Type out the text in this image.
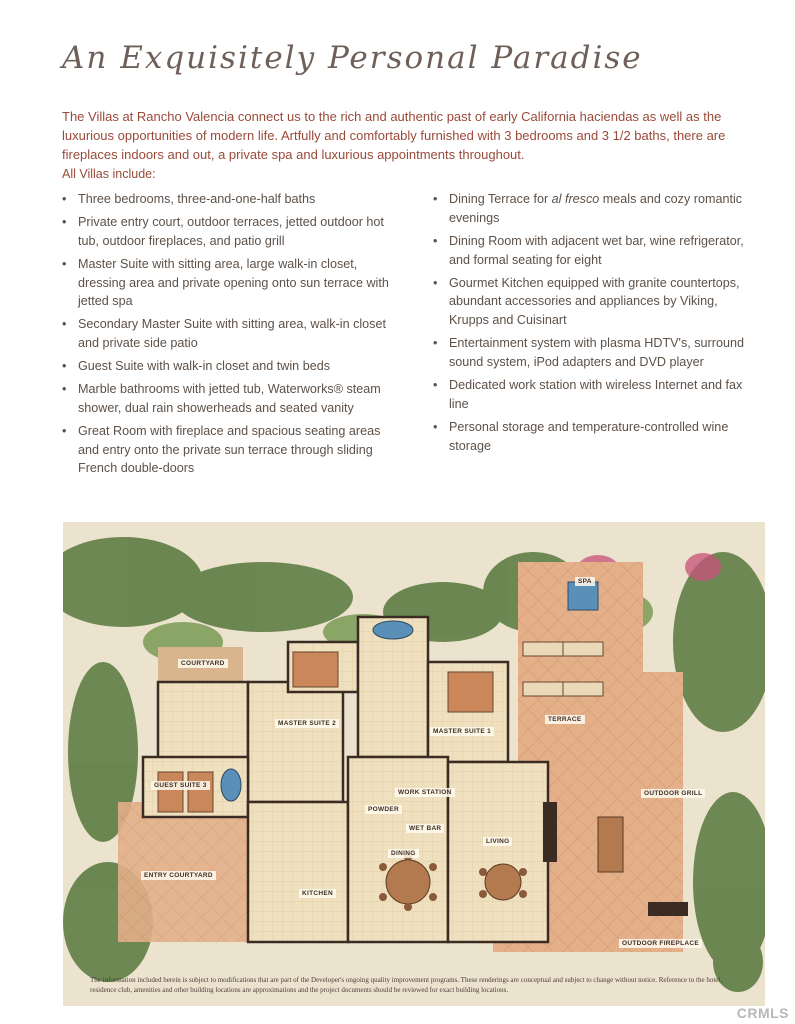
An Exquisitely Personal Paradise
The Villas at Rancho Valencia connect us to the rich and authentic past of early California haciendas as well as the luxurious opportunities of modern life. Artfully and comfortably furnished with 3 bedrooms and 3 1/2 baths, there are fireplaces indoors and out, a private spa and luxurious appointments throughout.
All Villas include:
• Three bedrooms, three-and-one-half baths
• Private entry court, outdoor terraces, jetted outdoor hot tub, outdoor fireplaces, and patio grill
• Master Suite with sitting area, large walk-in closet, dressing area and private opening onto sun terrace with jetted spa
• Secondary Master Suite with sitting area, walk-in closet and private side patio
• Guest Suite with walk-in closet and twin beds
• Marble bathrooms with jetted tub, Waterworks® steam shower, dual rain showerheads and seated vanity
• Great Room with fireplace and spacious seating areas and entry onto the private sun terrace through sliding French double-doors
• Dining Terrace for al fresco meals and cozy romantic evenings
• Dining Room with adjacent wet bar, wine refrigerator, and formal seating for eight
• Gourmet Kitchen equipped with granite countertops, abundant accessories and appliances by Viking, Krupps and Cuisinart
• Entertainment system with plasma HDTV's, surround sound system, iPod adapters and DVD player
• Dedicated work station with wireless Internet and fax line
• Personal storage and temperature-controlled wine storage
COURTYARD
MASTER SUITE 2
MASTER SUITE 1
SPA
TERRACE
GUEST SUITE 3
WORK STATION
POWDER
WET BAR
OUTDOOR GRILL
DINING
LIVING
ENTRY COURTYARD
KITCHEN
OUTDOOR FIREPLACE
The information included herein is subject to modifications that are part of the Developer's ongoing quality improvement programs. These renderings are conceptual and subject to change without notice. Reference to the hotel, residence club, amenities and other building locations are approximations and the project documents should be reviewed for exact building locations.
CRMLS
